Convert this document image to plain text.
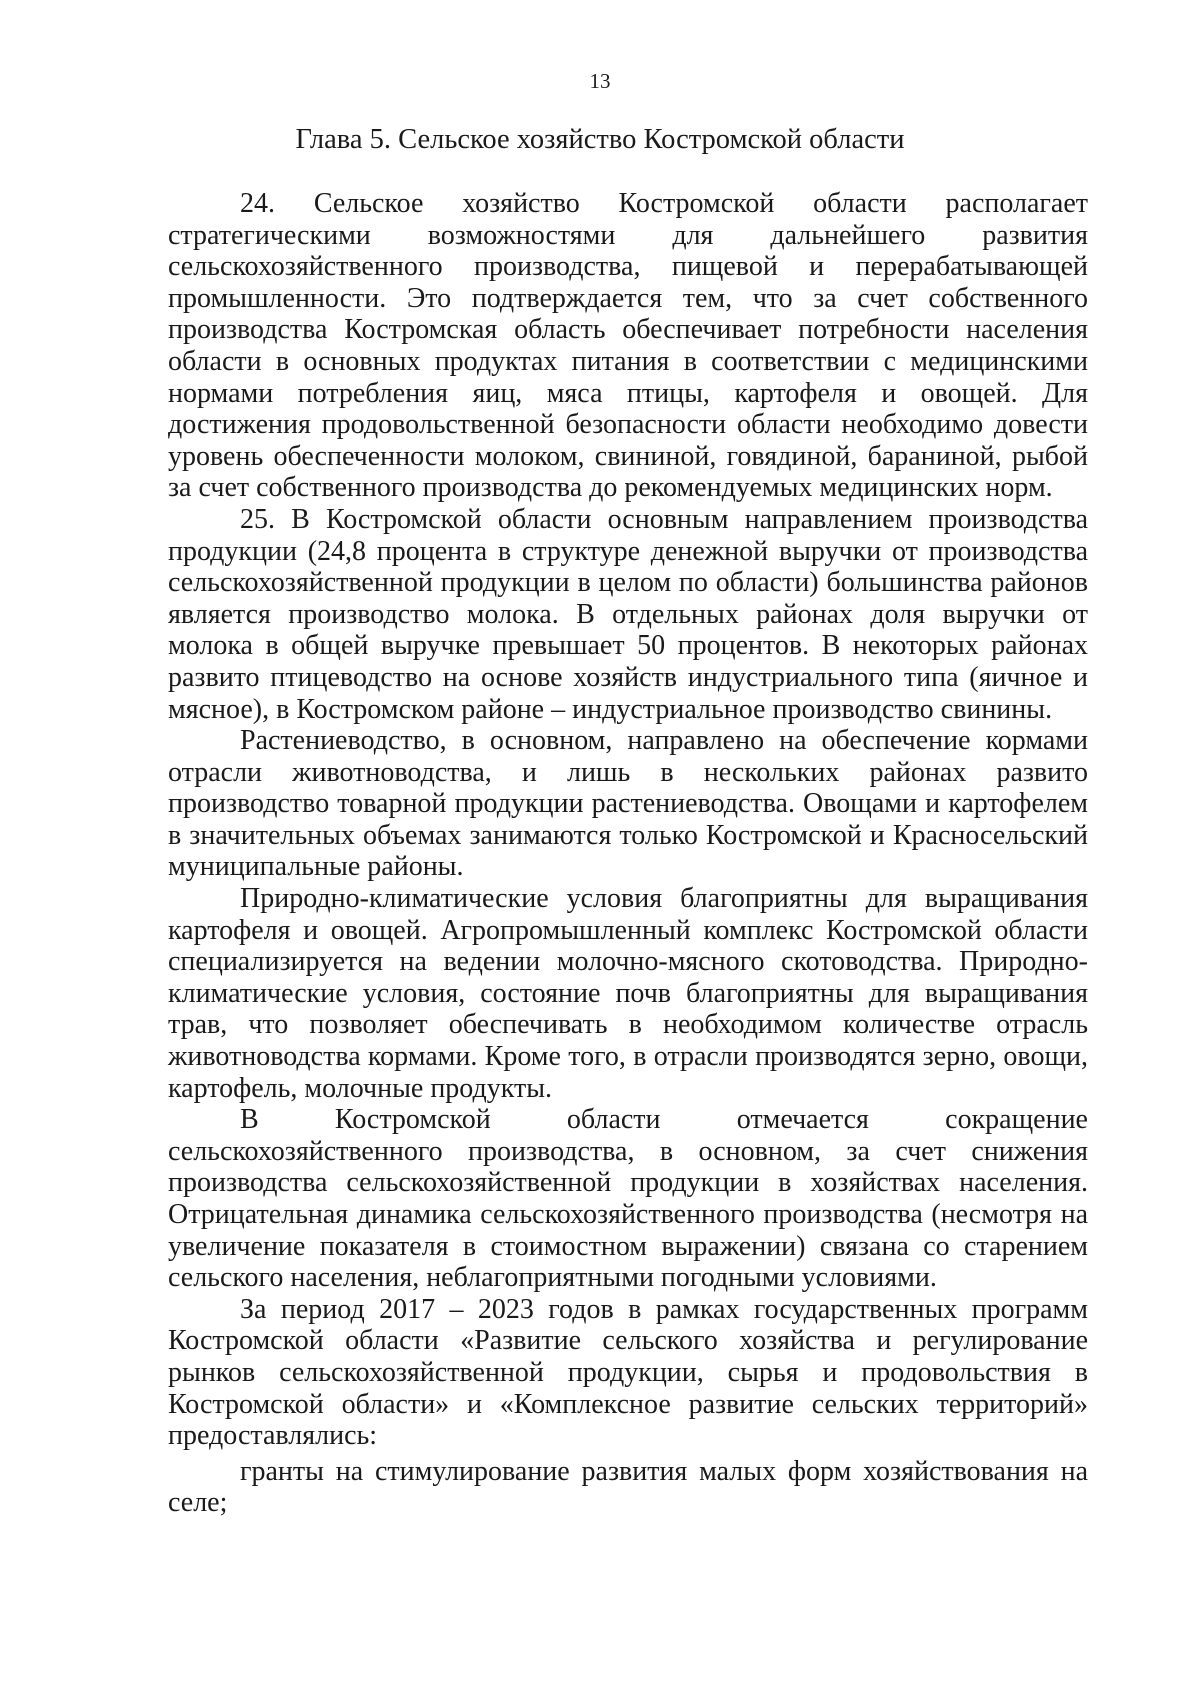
13
Глава 5. Сельское хозяйство Костромской области

24. Сельское хозяйство Костромской области располагает стратегическими возможностями для дальнейшего развития сельскохозяйственного производства, пищевой и перерабатывающей промышленности. Это подтверждается тем, что за счет собственного производства Костромская область обеспечивает потребности населения области в основных продуктах питания в соответствии с медицинскими нормами потребления яиц, мяса птицы, картофеля и овощей. Для достижения продовольственной безопасности области необходимо довести уровень обеспеченности молоком, свининой, говядиной, бараниной, рыбой за счет собственного производства до рекомендуемых медицинских норм.

25. В Костромской области основным направлением производства продукции (24,8 процента в структуре денежной выручки от производства сельскохозяйственной продукции в целом по области) большинства районов является производство молока. В отдельных районах доля выручки от молока в общей выручке превышает 50 процентов. В некоторых районах развито птицеводство на основе хозяйств индустриального типа (яичное и мясное), в Костромском районе – индустриальное производство свинины.

Растениеводство, в основном, направлено на обеспечение кормами отрасли животноводства, и лишь в нескольких районах развито производство товарной продукции растениеводства. Овощами и картофелем в значительных объемах занимаются только Костромской и Красносельский муниципальные районы.

Природно-климатические условия благоприятны для выращивания картофеля и овощей. Агропромышленный комплекс Костромской области специализируется на ведении молочно-мясного скотоводства. Природно-климатические условия, состояние почв благоприятны для выращивания трав, что позволяет обеспечивать в необходимом количестве отрасль животноводства кормами. Кроме того, в отрасли производятся зерно, овощи, картофель, молочные продукты.

В Костромской области отмечается сокращение сельскохозяйственного производства, в основном, за счет снижения производства сельскохозяйственной продукции в хозяйствах населения. Отрицательная динамика сельскохозяйственного производства (несмотря на увеличение показателя в стоимостном выражении) связана со старением сельского населения, неблагоприятными погодными условиями.

За период 2017 – 2023 годов в рамках государственных программ Костромской области «Развитие сельского хозяйства и регулирование рынков сельскохозяйственной продукции, сырья и продовольствия в Костромской области» и «Комплексное развитие сельских территорий» предоставлялись:

гранты на стимулирование развития малых форм хозяйствования на селе;
